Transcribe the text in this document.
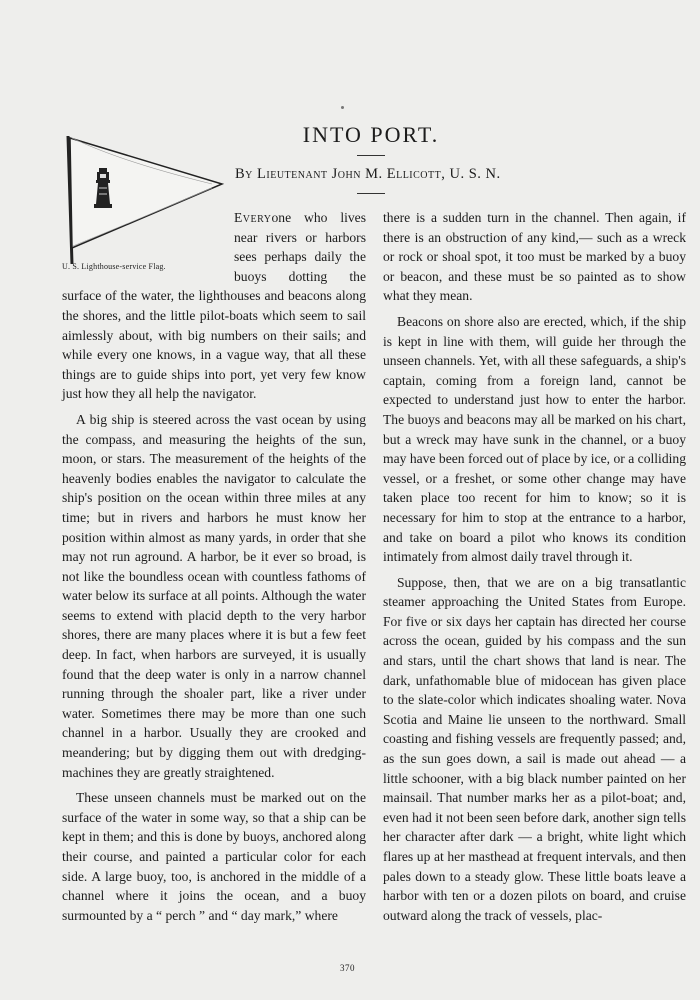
INTO PORT.
By Lieutenant John M. Ellicott, U. S. N.
U. S. Lighthouse-service Flag.

Everyone who lives near rivers or harbors sees perhaps daily the buoys dotting the surface of the water, the lighthouses and beacons along the shores, and the little pilot-boats which seem to sail aimlessly about, with big numbers on their sails; and while every one knows, in a vague way, that all these things are to guide ships into port, yet very few know just how they all help the navigator.

A big ship is steered across the vast ocean by using the compass, and measuring the heights of the sun, moon, or stars. The measurement of the heights of the heavenly bodies enables the navigator to calculate the ship's position on the ocean within three miles at any time; but in rivers and harbors he must know her position within almost as many yards, in order that she may not run aground. A harbor, be it ever so broad, is not like the boundless ocean with countless fathoms of water below its surface at all points. Although the water seems to extend with placid depth to the very harbor shores, there are many places where it is but a few feet deep. In fact, when harbors are surveyed, it is usually found that the deep water is only in a narrow channel running through the shoaler part, like a river under water. Sometimes there may be more than one such channel in a harbor. Usually they are crooked and meandering; but by digging them out with dredging-machines they are greatly straightened.

These unseen channels must be marked out on the surface of the water in some way, so that a ship can be kept in them; and this is done by buoys, anchored along their course, and painted a particular color for each side. A large buoy, too, is anchored in the middle of a channel where it joins the ocean, and a buoy surmounted by a “ perch ” and “ day mark,” where

there is a sudden turn in the channel. Then again, if there is an obstruction of any kind,— such as a wreck or rock or shoal spot, it too must be marked by a buoy or beacon, and these must be so painted as to show what they mean.

Beacons on shore also are erected, which, if the ship is kept in line with them, will guide her through the unseen channels. Yet, with all these safeguards, a ship's captain, coming from a foreign land, cannot be expected to understand just how to enter the harbor. The buoys and beacons may all be marked on his chart, but a wreck may have sunk in the channel, or a buoy may have been forced out of place by ice, or a colliding vessel, or a freshet, or some other change may have taken place too recent for him to know; so it is necessary for him to stop at the entrance to a harbor, and take on board a pilot who knows its condition intimately from almost daily travel through it.

Suppose, then, that we are on a big transatlantic steamer approaching the United States from Europe. For five or six days her captain has directed her course across the ocean, guided by his compass and the sun and stars, until the chart shows that land is near. The dark, unfathomable blue of midocean has given place to the slate-color which indicates shoaling water. Nova Scotia and Maine lie unseen to the northward. Small coasting and fishing vessels are frequently passed; and, as the sun goes down, a sail is made out ahead — a little schooner, with a big black number painted on her mainsail. That number marks her as a pilot-boat; and, even had it not been seen before dark, another sign tells her character after dark — a bright, white light which flares up at her masthead at frequent intervals, and then pales down to a steady glow. These little boats leave a harbor with ten or a dozen pilots on board, and cruise outward along the track of vessels, plac-

370
